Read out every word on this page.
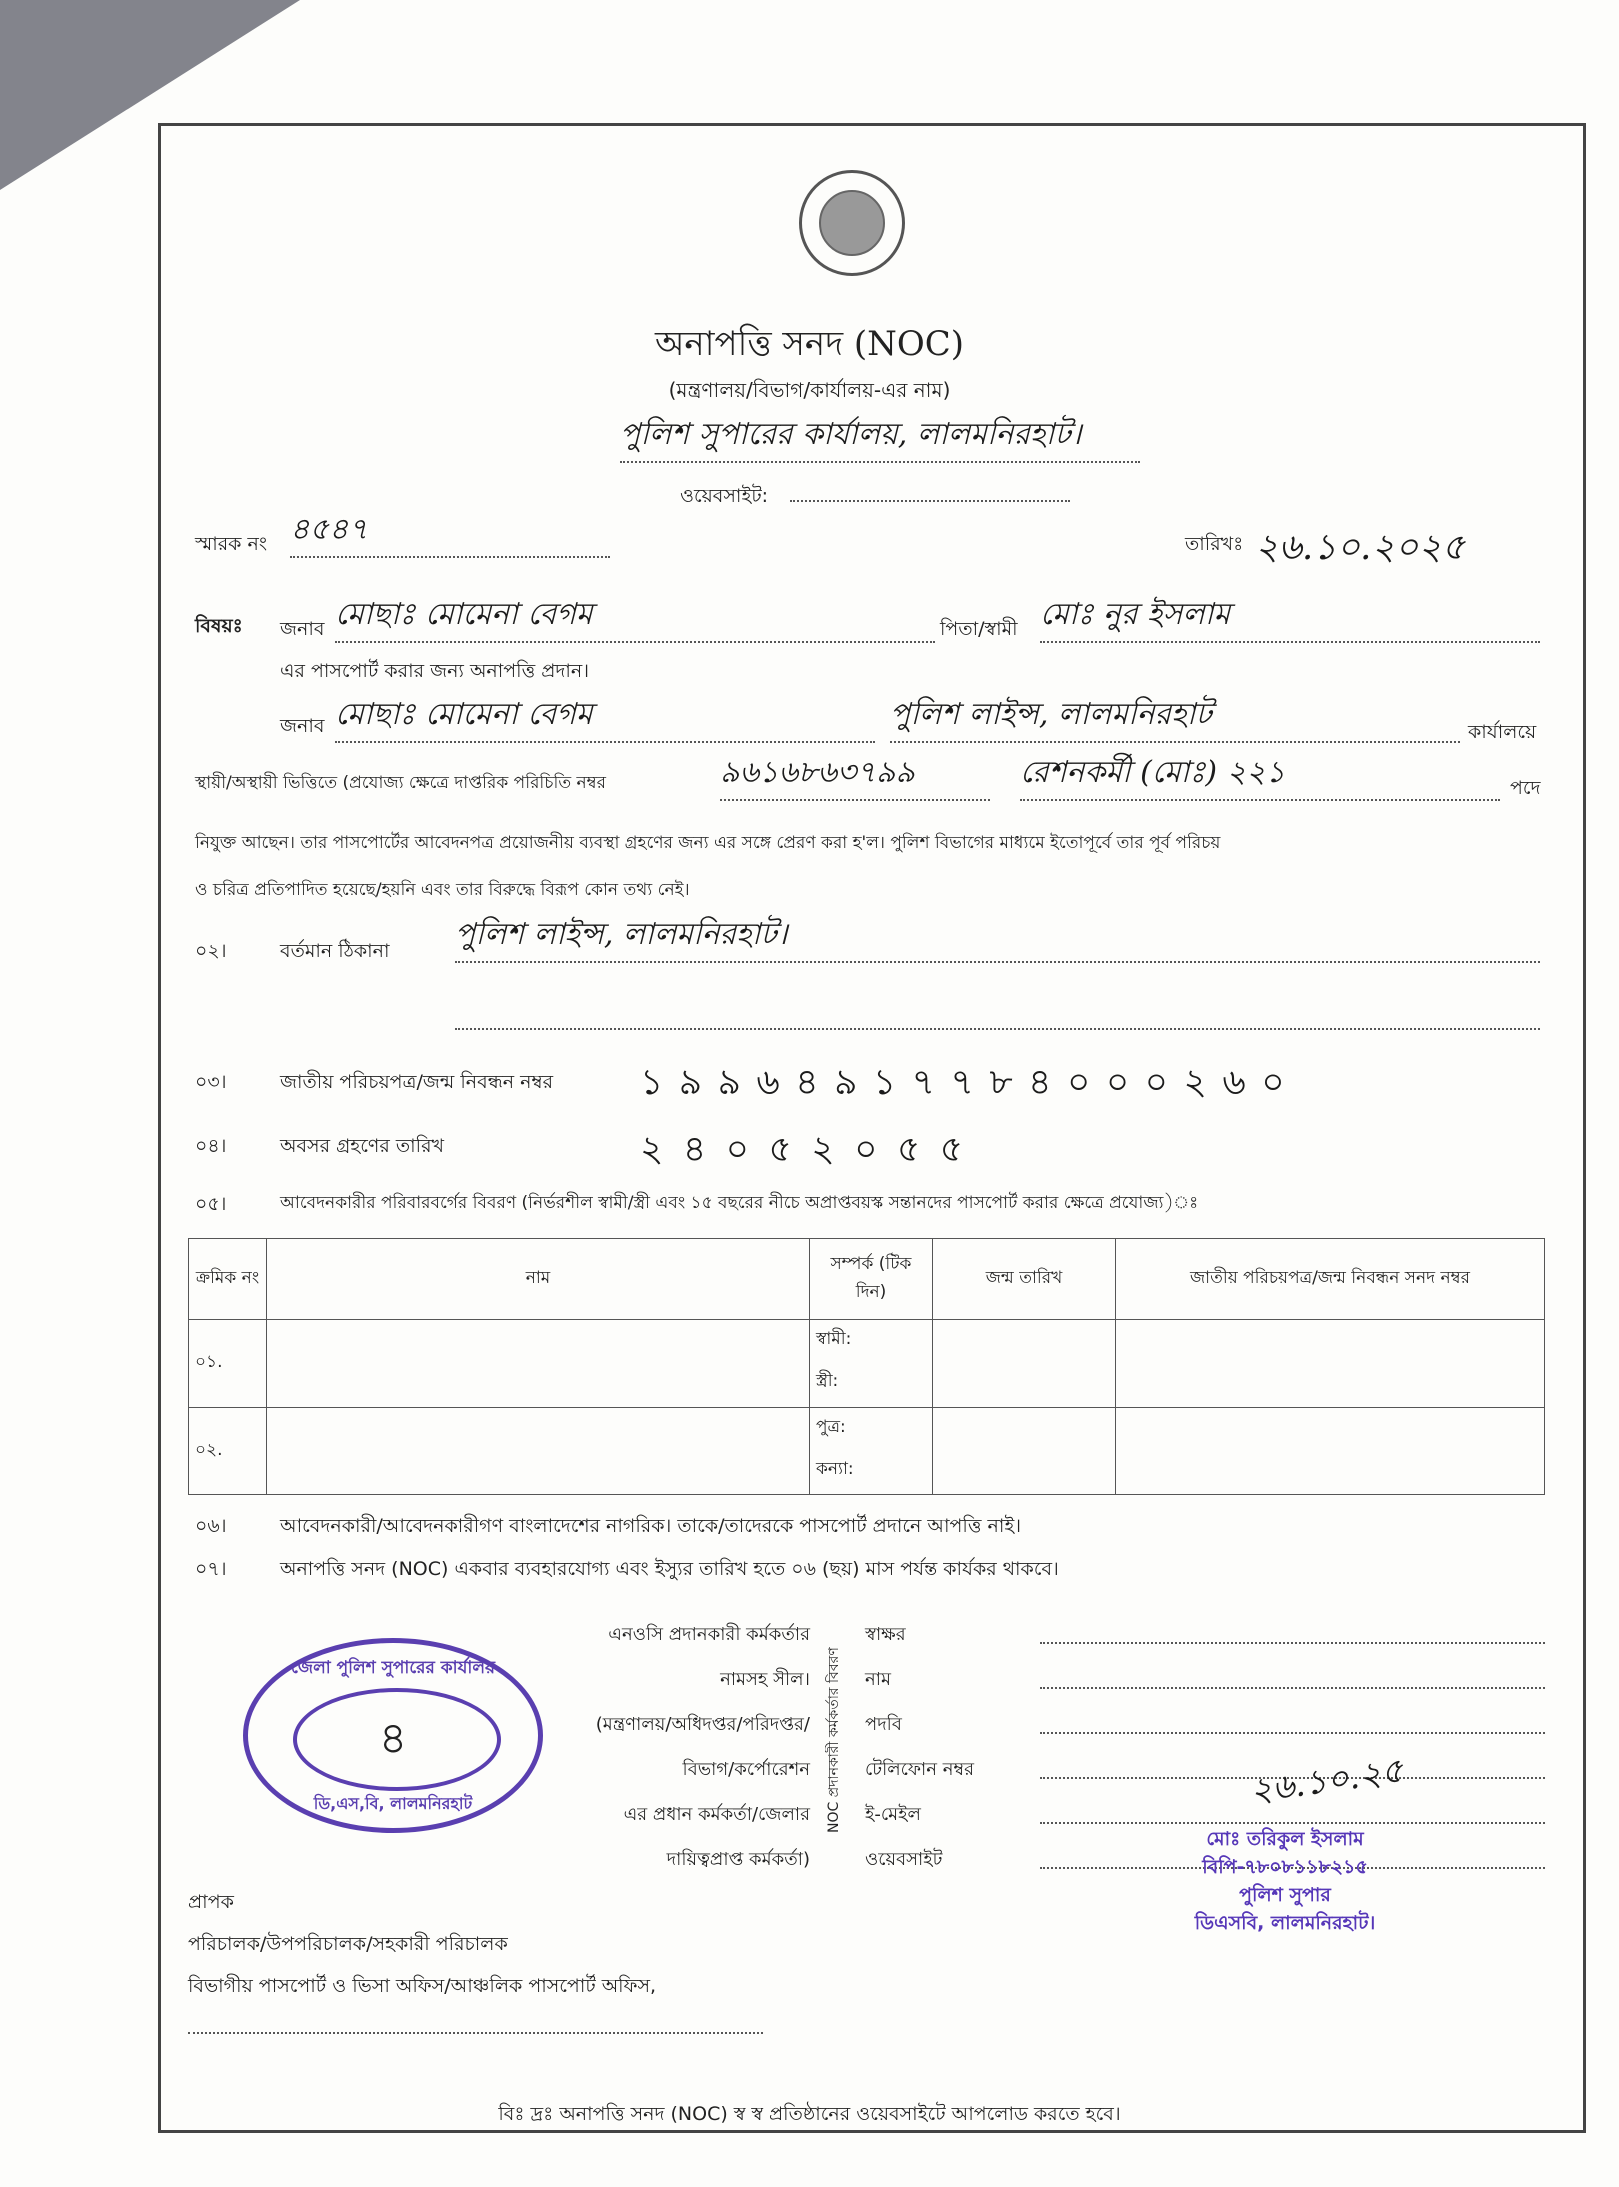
অনাপত্তি সনদ (NOC)
(মন্ত্রণালয়/বিভাগ/কার্যালয়-এর নাম)
পুলিশ সুপারের কার্যালয়, লালমনিরহাট।
ওয়েবসাইট:
স্মারক নং ৪৫৪৭	তারিখঃ ২৬.১০.২০২৫
বিষয়ঃ জনাব মোছাঃ মোমেনা বেগম	পিতা/স্বামী মোঃ নুর ইসলাম
এর পাসপোর্ট করার জন্য অনাপত্তি প্রদান।
জনাব মোছাঃ মোমেনা বেগম	পুলিশ লাইন্স, লালমনিরহাট	কার্যালয়ে
স্থায়ী/অস্থায়ী ভিত্তিতে (প্রযোজ্য ক্ষেত্রে দাপ্তরিক পরিচিতি নম্বর	৯৬১৬৮৬৩৭৯৯	রেশনকর্মী (মোঃ) ২২১	পদে
নিযুক্ত আছেন। তার পাসপোর্টের আবেদনপত্র প্রয়োজনীয় ব্যবস্থা গ্রহণের জন্য এর সঙ্গে প্রেরণ করা হ'ল। পুলিশ বিভাগের মাধ্যমে ইতোপূর্বে তার পূর্ব পরিচয়
ও চরিত্র প্রতিপাদিত হয়েছে/হয়নি এবং তার বিরুদ্ধে বিরূপ কোন তথ্য নেই।
০২।	বর্তমান ঠিকানা পুলিশ লাইন্স, লালমনিরহাট।
০৩।	জাতীয় পরিচয়পত্র/জন্ম নিবন্ধন নম্বর ১ ৯ ৯ ৬ ৪ ৯ ১ ৭ ৭ ৮ ৪ ০ ০ ০ ২ ৬ ০
০৪।	অবসর গ্রহণের তারিখ	২ ৪ ০ ৫ ২ ০ ৫ ৫
০৫।	আবেদনকারীর পরিবারবর্গের বিবরণ (নির্ভরশীল স্বামী/স্ত্রী এবং ১৫ বছরের নীচে অপ্রাপ্তবয়স্ক সন্তানদের পাসপোর্ট করার ক্ষেত্রে প্রযোজ্য)ঃ
ক্রমিক নং	নাম	সম্পর্ক (টিক দিন)	জন্ম তারিখ	জাতীয় পরিচয়পত্র/জন্ম নিবন্ধন সনদ নম্বর
০১.		স্বামী:
স্ত্রী:		

০২.		পুত্র:
কন্যা:		

০৬।	আবেদনকারী/আবেদনকারীগণ বাংলাদেশের নাগরিক। তাকে/তাদেরকে পাসপোর্ট প্রদানে আপত্তি নাই।
০৭।	অনাপত্তি সনদ (NOC) একবার ব্যবহারযোগ্য এবং ইস্যুর তারিখ হতে ০৬ (ছয়) মাস পর্যন্ত কার্যকর থাকবে।
এনওসি প্রদানকারী কর্মকর্তার
নামসহ সীল।
(মন্ত্রণালয়/অধিদপ্তর/পরিদপ্তর/
বিভাগ/কর্পোরেশন
এর প্রধান কর্মকর্তা/জেলার
দায়িত্বপ্রাপ্ত কর্মকর্তা)
NOC প্রদানকারী কর্মকর্তার বিবরণ
স্বাক্ষর
নাম
পদবি
টেলিফোন নম্বর
ই-মেইল
ওয়েবসাইট
২৬.১০.২৫
মোঃ তরিকুল ইসলাম
বিপি-৭৮০৮১১৮২১৫
পুলিশ সুপার
ডিএসবি, লালমনিরহাট।
জেলা পুলিশ সুপারের কার্যালয়
৪
ডি,এস,বি, লালমনিরহাট
প্রাপক
পরিচালক/উপপরিচালক/সহকারী পরিচালক
বিভাগীয় পাসপোর্ট ও ভিসা অফিস/আঞ্চলিক পাসপোর্ট অফিস,
বিঃ দ্রঃ অনাপত্তি সনদ (NOC) স্ব স্ব প্রতিষ্ঠানের ওয়েবসাইটে আপলোড করতে হবে।
